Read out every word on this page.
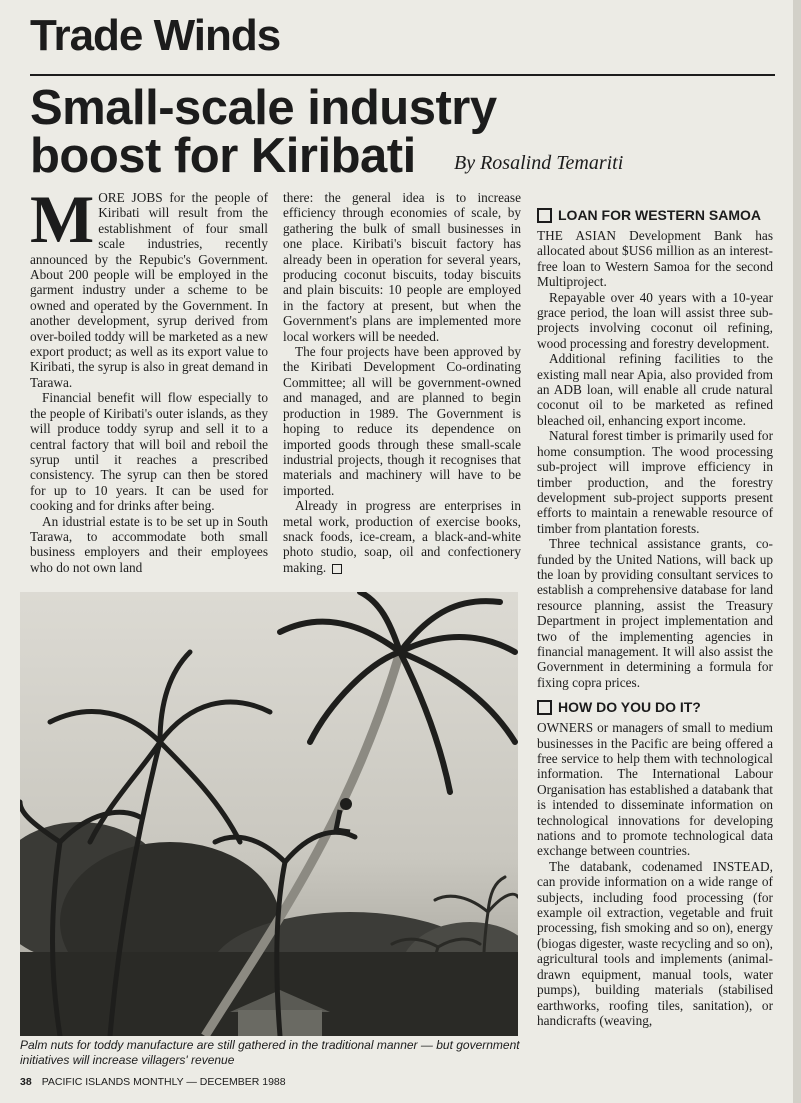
Trade Winds
Small-scale industry
boost for Kiribati	By Rosalind Temariti

MORE JOBS for the people of Kiribati will result from the establishment of four small scale industries, recently announced by the Repubic's Government. About 200 people will be employed in the garment industry under a scheme to be owned and operated by the Government. In another development, syrup derived from over-boiled toddy will be marketed as a new export product; as well as its export value to Kiribati, the syrup is also in great demand in Tarawa.

Financial benefit will flow especially to the people of Kiribati's outer islands, as they will produce toddy syrup and sell it to a central factory that will boil and reboil the syrup until it reaches a prescribed consistency. The syrup can then be stored for up to 10 years. It can be used for cooking and for drinks after being.

An idustrial estate is to be set up in South Tarawa, to accommodate both small business employers and their employees who do not own land

there: the general idea is to increase efficiency through economies of scale, by gathering the bulk of small businesses in one place. Kiribati's biscuit factory has already been in operation for several years, producing coconut biscuits, today biscuits and plain biscuits: 10 people are employed in the factory at present, but when the Government's plans are implemented more local workers will be needed.

The four projects have been approved by the Kiribati Development Co-ordinating Committee; all will be government-owned and managed, and are planned to begin production in 1989. The Government is hoping to reduce its dependence on imported goods through these small-scale industrial projects, though it recognises that materials and machinery will have to be imported.

Already in progress are enterprises in metal work, production of exercise books, snack foods, ice-cream, a black-and-white photo studio, soap, oil and confectionery making.

LOAN FOR WESTERN SAMOA

THE ASIAN Development Bank has allocated about $US6 million as an interest-free loan to Western Samoa for the second Multiproject.

Repayable over 40 years with a 10-year grace period, the loan will assist three sub-projects involving coconut oil refining, wood processing and forestry development.

Additional refining facilities to the existing mall near Apia, also provided from an ADB loan, will enable all crude natural coconut oil to be marketed as refined bleached oil, enhancing export income.

Natural forest timber is primarily used for home consumption. The wood processing sub-project will improve efficiency in timber production, and the forestry development sub-project supports present efforts to maintain a renewable resource of timber from plantation forests.

Three technical assistance grants, co-funded by the United Nations, will back up the loan by providing consultant services to establish a comprehensive database for land resource planning, assist the Treasury Department in project implementation and two of the implementing agencies in financial management. It will also assist the Government in determining a formula for fixing copra prices.

HOW DO YOU DO IT?

OWNERS or managers of small to medium businesses in the Pacific are being offered a free service to help them with technological information. The International Labour Organisation has established a databank that is intended to disseminate information on technological innovations for developing nations and to promote technological data exchange between countries.

The databank, codenamed INSTEAD, can provide information on a wide range of subjects, including food processing (for example oil extraction, vegetable and fruit processing, fish smoking and so on), energy (biogas digester, waste recycling and so on), agricultural tools and implements (animal-drawn equipment, manual tools, water pumps), building materials (stabilised earthworks, roofing tiles, sanitation), or handicrafts (weaving,

Palm nuts for toddy manufacture are still gathered in the traditional manner — but government initiatives will increase villagers' revenue
38 PACIFIC ISLANDS MONTHLY — DECEMBER 1988
